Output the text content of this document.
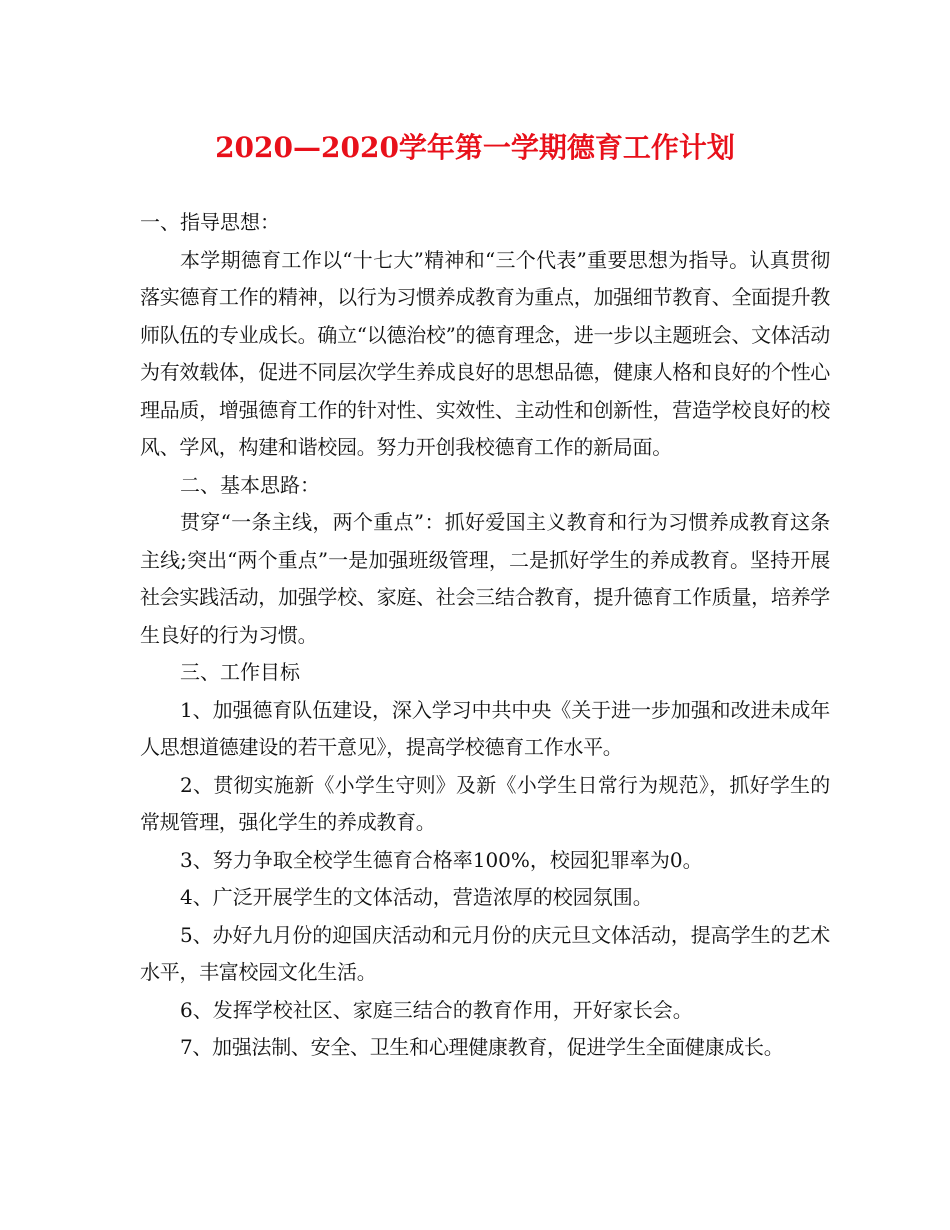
2020—2020学年第一学期德育工作计划

一、指导思想：

本学期德育工作以“十七大”精神和“三个代表”重要思想为指导。认真贯彻落实德育工作的精神，以行为习惯养成教育为重点，加强细节教育、全面提升教师队伍的专业成长。确立“以德治校”的德育理念，进一步以主题班会、文体活动为有效载体，促进不同层次学生养成良好的思想品德，健康人格和良好的个性心理品质，增强德育工作的针对性、实效性、主动性和创新性，营造学校良好的校风、学风，构建和谐校园。努力开创我校德育工作的新局面。

二、基本思路：

贯穿“一条主线，两个重点”：抓好爱国主义教育和行为习惯养成教育这条主线;突出“两个重点”一是加强班级管理，二是抓好学生的养成教育。坚持开展社会实践活动，加强学校、家庭、社会三结合教育，提升德育工作质量，培养学生良好的行为习惯。

三、工作目标

1、加强德育队伍建设，深入学习中共中央《关于进一步加强和改进未成年人思想道德建设的若干意见》，提高学校德育工作水平。

2、贯彻实施新《小学生守则》及新《小学生日常行为规范》，抓好学生的常规管理，强化学生的养成教育。

3、努力争取全校学生德育合格率100%，校园犯罪率为0。

4、广泛开展学生的文体活动，营造浓厚的校园氛围。

5、办好九月份的迎国庆活动和元月份的庆元旦文体活动，提高学生的艺术水平，丰富校园文化生活。

6、发挥学校社区、家庭三结合的教育作用，开好家长会。

7、加强法制、安全、卫生和心理健康教育，促进学生全面健康成长。
